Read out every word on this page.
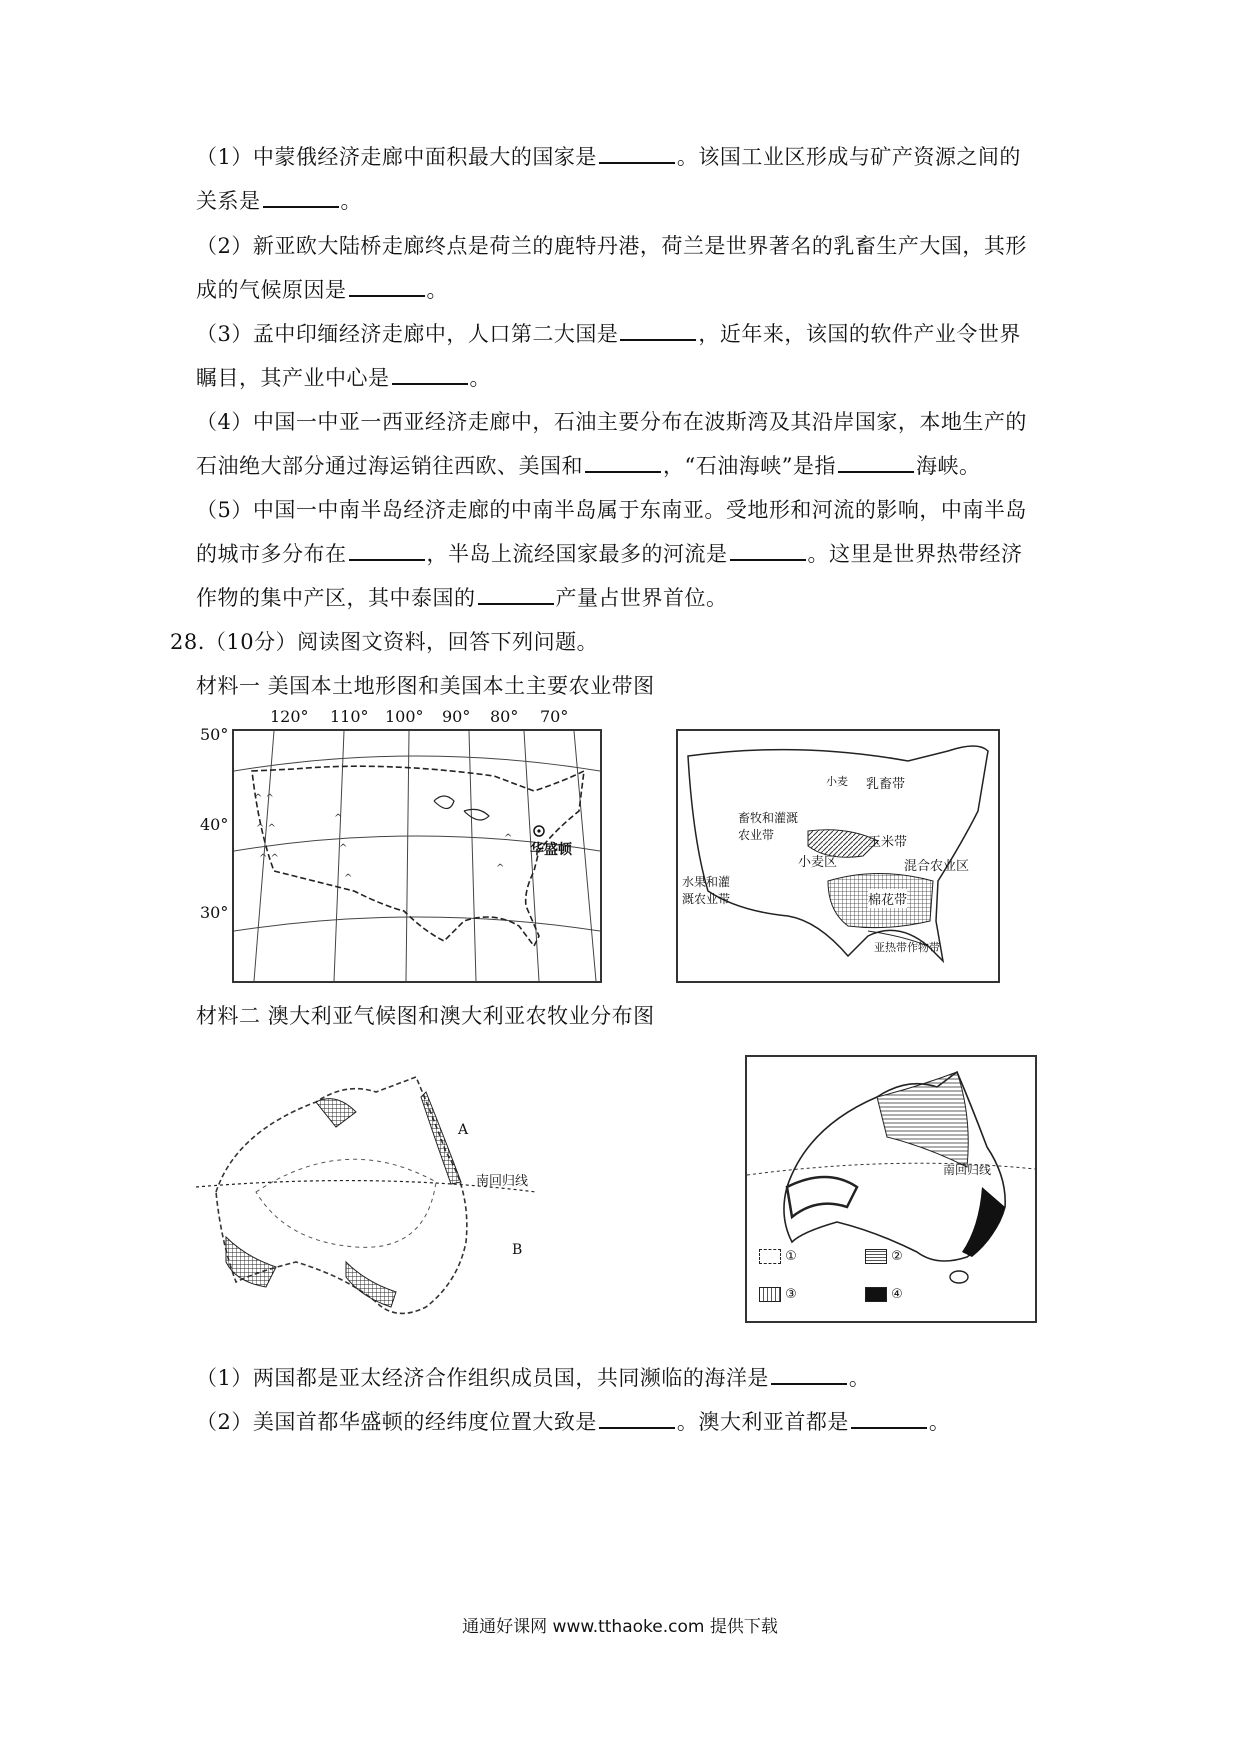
（1）中蒙俄经济走廊中面积最大的国家是	。该国工业区形成与矿产资源之间的
关系是	。
（2）新亚欧大陆桥走廊终点是荷兰的鹿特丹港，荷兰是世界著名的乳畜生产大国，其形
成的气候原因是	。
（3）孟中印缅经济走廊中，人口第二大国是	，近年来，该国的软件产业令世界
瞩目，其产业中心是	。
（4）中国一中亚一西亚经济走廊中，石油主要分布在波斯湾及其沿岸国家，本地生产的
石油绝大部分通过海运销往西欧、美国和	，“石油海峡”是指	海峡。
（5）中国一中南半岛经济走廊的中南半岛属于东南亚。受地形和河流的影响，中南半岛
的城市多分布在	，半岛上流经国家最多的河流是	。这里是世界热带经济
作物的集中产区，其中泰国的	产量占世界首位。
28.（10分）阅读图文资料，回答下列问题。
材料一 美国本土地形图和美国本土主要农业带图
120° 110° 100° 90° 80° 70°
50°
40°
30°
^ ^
^ ^
^ ^
^
^
^
^
^
华盛顿
畜牧和灌溉农业带
乳畜带
玉米带
小麦区	混合农业区
棉花带
亚热带作物带
水果和灌溉农业带
小麦
材料二 澳大利亚气候图和澳大利亚农牧业分布图
A
南回归线
B
南回归线
①	②
③	④
（1）两国都是亚太经济合作组织成员国，共同濒临的海洋是	。
（2）美国首都华盛顿的经纬度位置大致是	。澳大利亚首都是	。
通通好课网 www.tthaoke.com 提供下载
